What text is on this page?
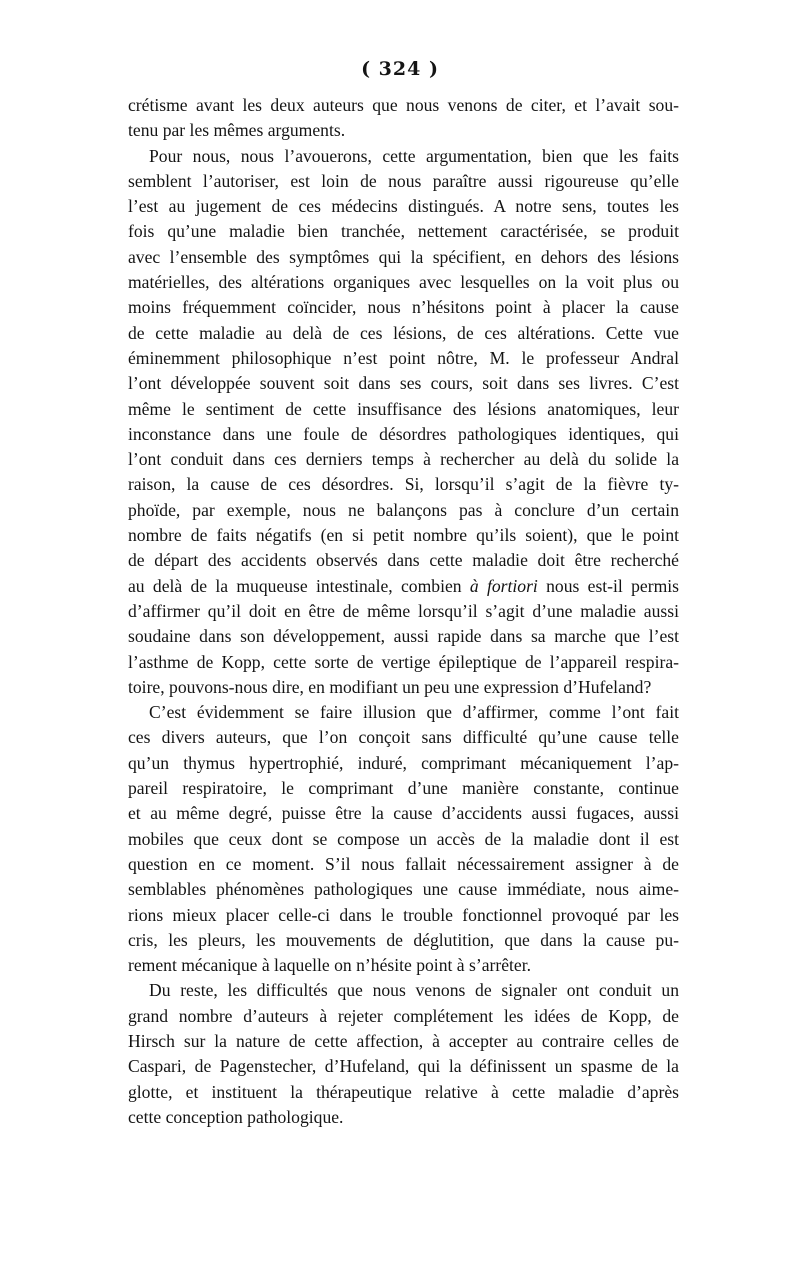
( 324 )
crétisme avant les deux auteurs que nous venons de citer, et l’avait sou-
tenu par les mêmes arguments.
Pour nous, nous l’avouerons, cette argumentation, bien que les faits
semblent l’autoriser, est loin de nous paraître aussi rigoureuse qu’elle
l’est au jugement de ces médecins distingués. A notre sens, toutes les
fois qu’une maladie bien tranchée, nettement caractérisée, se produit
avec l’ensemble des symptômes qui la spécifient, en dehors des lésions
matérielles, des altérations organiques avec lesquelles on la voit plus ou
moins fréquemment coïncider, nous n’hésitons point à placer la cause
de cette maladie au delà de ces lésions, de ces altérations. Cette vue
éminemment philosophique n’est point nôtre, M. le professeur Andral
l’ont développée souvent soit dans ses cours, soit dans ses livres. C’est
même le sentiment de cette insuffisance des lésions anatomiques, leur
inconstance dans une foule de désordres pathologiques identiques, qui
l’ont conduit dans ces derniers temps à rechercher au delà du solide la
raison, la cause de ces désordres. Si, lorsqu’il s’agit de la fièvre ty-
phoïde, par exemple, nous ne balançons pas à conclure d’un certain
nombre de faits négatifs (en si petit nombre qu’ils soient), que le point
de départ des accidents observés dans cette maladie doit être recherché
au delà de la muqueuse intestinale, combien à fortiori nous est-il permis
d’affirmer qu’il doit en être de même lorsqu’il s’agit d’une maladie aussi
soudaine dans son développement, aussi rapide dans sa marche que l’est
l’asthme de Kopp, cette sorte de vertige épileptique de l’appareil respira-
toire, pouvons-nous dire, en modifiant un peu une expression d’Hufeland?
C’est évidemment se faire illusion que d’affirmer, comme l’ont fait
ces divers auteurs, que l’on conçoit sans difficulté qu’une cause telle
qu’un thymus hypertrophié, induré, comprimant mécaniquement l’ap-
pareil respiratoire, le comprimant d’une manière constante, continue
et au même degré, puisse être la cause d’accidents aussi fugaces, aussi
mobiles que ceux dont se compose un accès de la maladie dont il est
question en ce moment. S’il nous fallait nécessairement assigner à de
semblables phénomènes pathologiques une cause immédiate, nous aime-
rions mieux placer celle-ci dans le trouble fonctionnel provoqué par les
cris, les pleurs, les mouvements de déglutition, que dans la cause pu-
rement mécanique à laquelle on n’hésite point à s’arrêter.
Du reste, les difficultés que nous venons de signaler ont conduit un
grand nombre d’auteurs à rejeter complétement les idées de Kopp, de
Hirsch sur la nature de cette affection, à accepter au contraire celles de
Caspari, de Pagenstecher, d’Hufeland, qui la définissent un spasme de la
glotte, et instituent la thérapeutique relative à cette maladie d’après
cette conception pathologique.
